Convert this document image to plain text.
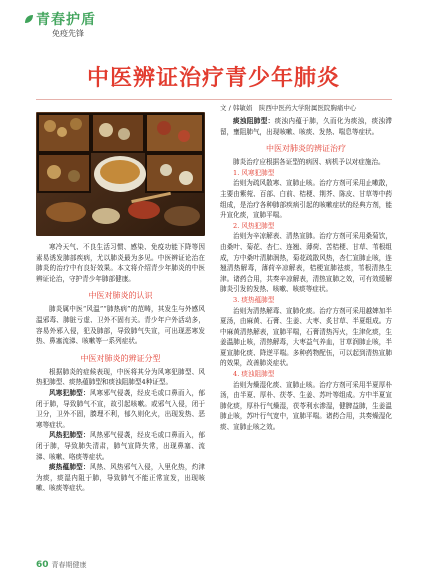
青春护盾
免疫先锋
中医辨证治疗青少年肺炎
文 / 韩敏娟　陕西中医药大学附属医院胸痛中心

寒冷天气、不良生活习惯、感染、免疫功能下降等因素易诱发肺部疾病，尤以肺炎最为多见。中医辨证论治在肺炎的治疗中有良好效果。本文将介绍青少年肺炎的中医辨证论治，守护青少年肺部健康。

中医对肺炎的认识

肺炎属中医“风温”“肺热病”的范畴，其发生与外感风温邪毒、肺脏亏虚、卫外不固有关。青少年户外活动多，容易外邪入侵，犯及肺部，导致肺气失宣，可出现恶寒发热、鼻塞流涕、咳嗽等一系列症状。

中医对肺炎的辨证分型

根据肺炎的症候表现，中医将其分为风寒犯肺型、风热犯肺型、痰热蕴肺型和痰浊阻肺型4种证型。

风寒犯肺型：风寒邪气侵袭，经皮毛或口鼻而入，郁闭于肺，导致肺气不宣，故引起咳嗽。或邪气入侵，闭于卫分，卫外不固，腠理不利，郁久则化火，出现发热、恶寒等症状。

风热犯肺型：风热邪气侵袭，经皮毛或口鼻而入，郁闭于肺，导致肺失清肃，肺气宣降失常，出现鼻塞、流涕、咳嗽、咯痰等症状。

痰热蕴肺型：风热、风热邪气入侵，入里化热，灼津为痰，痰湿内阻于肺，导致肺气不能正常宣发，出现咳嗽、咳痰等症状。

痰浊阻肺型：痰浊内蕴于肺，久而化为痰浊，痰浊滞留，壅阻肺气，出现咳嗽、咳痰、发热、喘息等症状。

中医对肺炎的辨证治疗

肺炎治疗应根据各证型的病因、病机予以对症施治。

1. 风寒犯肺型

治则为疏风散寒、宣肺止咳。治疗方剂可采用止嗽散，主要由紫菀、百部、白前、桔梗、荆芥、陈皮、甘草等中药组成，是治疗各种肺部疾病引起的咳嗽症状的经典方剂，能升宣化痰，宣肺平喘。

2. 风热犯肺型

治则为辛凉解表、清热宣肺。治疗方剂可采用桑菊饮，由桑叶、菊花、杏仁、连翘、薄荷、苦桔梗、甘草、苇根组成，方中桑叶清肺润热，菊花疏散风热，杏仁宣肺止咳，连翘清热解毒，薄荷辛凉解表，桔梗宣肺祛痰，苇根清热生津。诸药合用，共奏辛凉解表，清热宣肺之效，可有效缓解肺炎引发的发热、咳嗽、咳痰等症状。

3. 痰热蕴肺型

治则为清热解毒、宣肺化痰。治疗方剂可采用越婢加半夏汤，由麻黄、石膏、生姜、大枣、炙甘草、半夏组成。方中麻黄清热解表，宣肺平喘，石膏清热泻火，生津化痰，生姜温肺止咳，清热解毒，大枣益气养血，甘草润肺止咳，半夏宣肺化痰、降逆平喘。多种药物配伍，可以起到清热宣肺的效果，改善肺炎症状。

4. 痰浊阻肺型

治则为燥湿化痰、宣肺止咳。治疗方剂可采用半夏厚朴汤，由半夏、厚朴、茯苓、生姜、苏叶等组成。方中半夏宣肺化痰，厚朴行气燥湿，茯苓利水渗湿，健脾益肺，生姜温肺止咳，苏叶行气宽中，宣肺平喘。诸药合用，共奏燥湿化痰、宣肺止咳之效。

60 青春期健康
